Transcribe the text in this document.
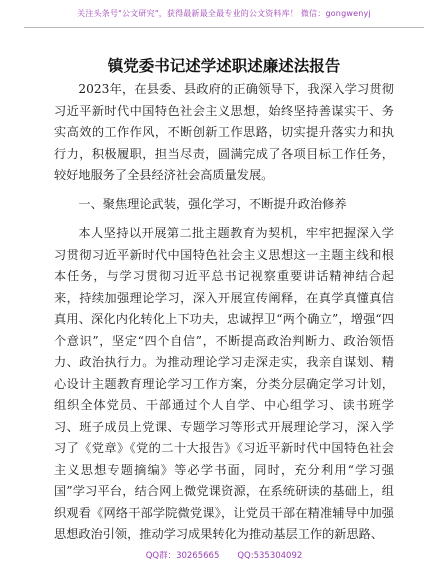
关注头条号"公文研究"，获得最新最全最专业的公文资料库！ 微信：gongwenyj
镇党委书记述学述职述廉述法报告

2023年，在县委、县政府的正确领导下，我深入学习贯彻习近平新时代中国特色社会主义思想，始终坚持善谋实干、务实高效的工作作风，不断创新工作思路，切实提升落实力和执行力，积极履职，担当尽责，圆满完成了各项目标工作任务，较好地服务了全县经济社会高质量发展。

一、聚焦理论武装，强化学习，不断提升政治修养

本人坚持以开展第二批主题教育为契机，牢牢把握深入学习贯彻习近平新时代中国特色社会主义思想这一主题主线和根本任务，与学习贯彻习近平总书记视察重要讲话精神结合起来，持续加强理论学习，深入开展宣传阐释，在真学真懂真信真用、深化内化转化上下功夫，忠诚捍卫“两个确立”，增强“四个意识”，坚定“四个自信”，不断提高政治判断力、政治领悟力、政治执行力。为推动理论学习走深走实，我亲自谋划、精心设计主题教育理论学习工作方案，分类分层确定学习计划，组织全体党员、干部通过个人自学、中心组学习、读书班学习、班子成员上党课、专题学习等形式开展理论学习，深入学习了《党章》《党的二十大报告》《习近平新时代中国特色社会主义思想专题摘编》等必学书面，同时，充分利用“学习强国”学习平台，结合网上微党课资源，在系统研读的基础上，组织观看《网络干部学院微党课》，让党员干部在精准辅导中加强思想政治引领，推动学习成果转化为推动基层工作的新思路、

QQ群：30265665 QQ:535304092
